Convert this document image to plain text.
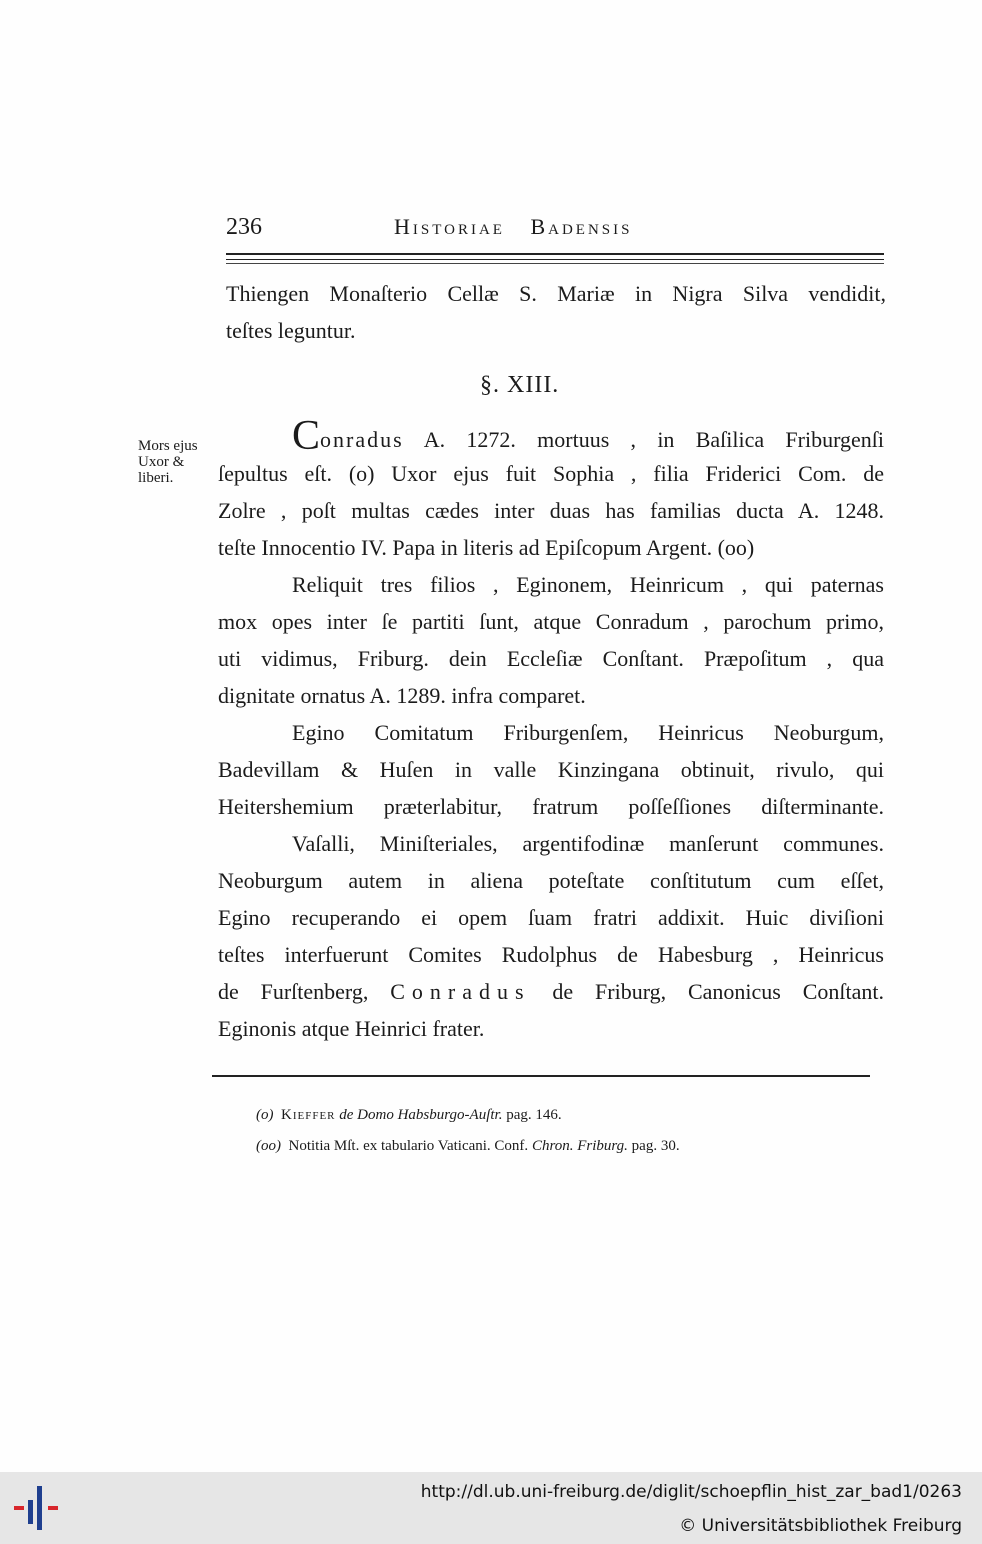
236	Historiae Badensis
Thiengen Monaſterio Cellæ S. Mariæ in Nigra Silva vendidit,
teſtes leguntur.
§. XIII.
Mors ejus
Uxor &
liberi.
Conradus A. 1272. mortuus , in Baſilica Friburgenſi
ſepultus eſt. (o) Uxor ejus fuit Sophia , filia Friderici Com. de
Zolre , poſt multas cædes inter duas has familias ducta A. 1248.
teſte Innocentio IV. Papa in literis ad Epiſcopum Argent. (oo)
Reliquit tres filios , Eginonem, Heinricum , qui paternas
mox opes inter ſe partiti ſunt, atque Conradum , parochum primo,
uti vidimus, Friburg. dein Eccleſiæ Conſtant. Præpoſitum , qua
dignitate ornatus A. 1289. infra comparet.
Egino Comitatum Friburgenſem, Heinricus Neoburgum,
Badevillam & Huſen in valle Kinzingana obtinuit, rivulo, qui
Heitershemium præterlabitur, fratrum poſſeſſiones diſterminante.
Vaſalli, Miniſteriales, argentifodinæ manſerunt communes.
Neoburgum autem in aliena poteſtate conſtitutum cum eſſet,
Egino recuperando ei opem ſuam fratri addixit. Huic diviſioni
teſtes interfuerunt Comites Rudolphus de Habesburg , Heinricus
de Furſtenberg, Conradus de Friburg, Canonicus Conſtant.
Eginonis atque Heinrici frater.
(o) Kieffer de Domo Habsburgo-Auſtr. pag. 146.
(oo) Notitia Mſt. ex tabulario Vaticani. Conf. Chron. Friburg. pag. 30.
http://dl.ub.uni-freiburg.de/diglit/schoepflin_hist_zar_bad1/0263
© Universitätsbibliothek Freiburg
